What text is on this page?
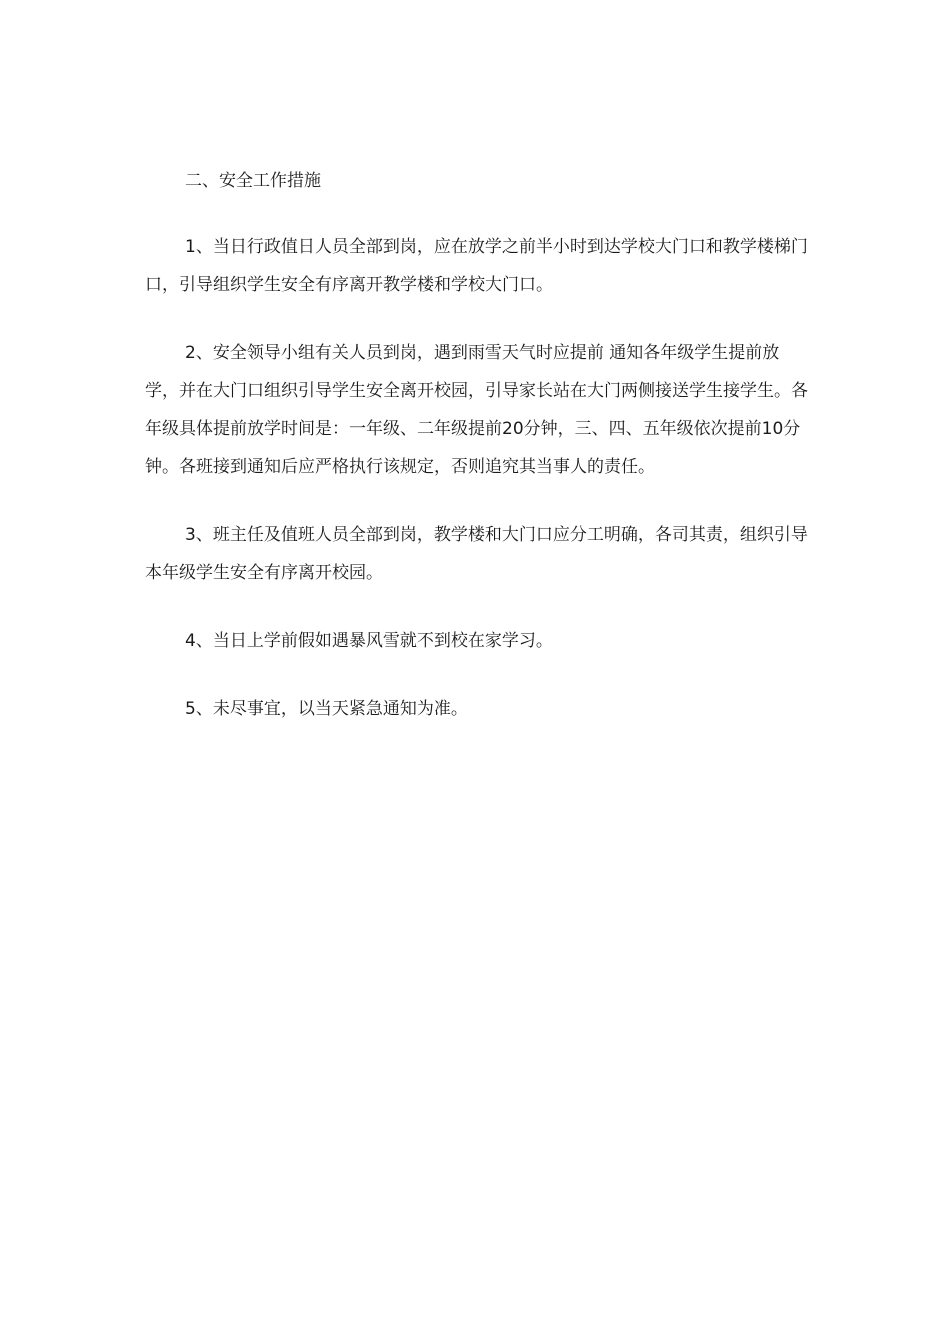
二、安全工作措施

1、当日行政值日人员全部到岗，应在放学之前半小时到达学校大门口和教学楼梯门口，引导组织学生安全有序离开教学楼和学校大门口。

2、安全领导小组有关人员到岗，遇到雨雪天气时应提前 通知各年级学生提前放学，并在大门口组织引导学生安全离开校园，引导家长站在大门两侧接送学生接学生。各年级具体提前放学时间是：一年级、二年级提前20分钟，三、四、五年级依次提前10分钟。各班接到通知后应严格执行该规定，否则追究其当事人的责任。

3、班主任及值班人员全部到岗，教学楼和大门口应分工明确，各司其责，组织引导本年级学生安全有序离开校园。

4、当日上学前假如遇暴风雪就不到校在家学习。

5、未尽事宜，以当天紧急通知为准。
